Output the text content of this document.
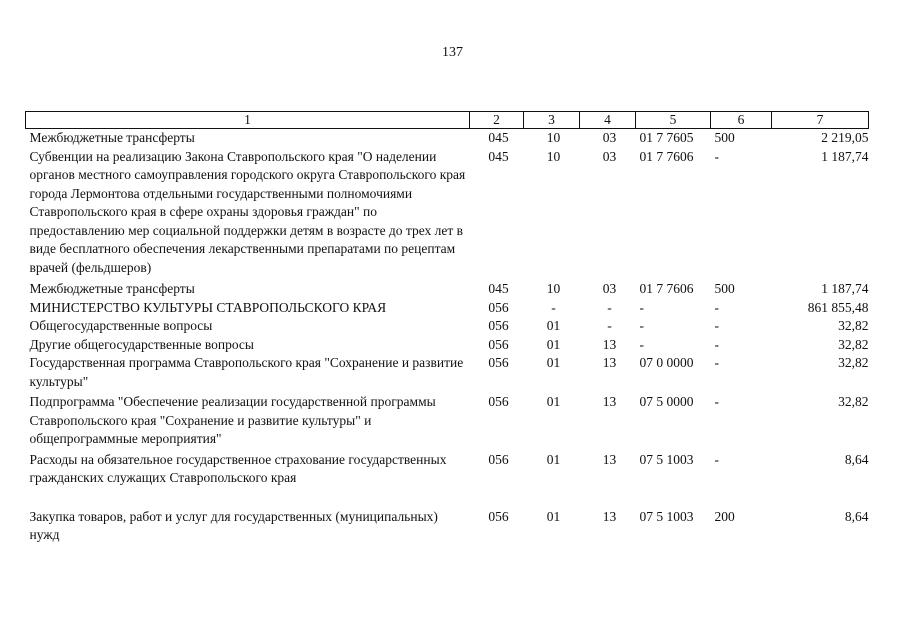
137
1	2	3	4	5	6	7
Межбюджетные трансферты	045	10	03	01 7 7605	500	2 219,05
Субвенции на реализацию Закона Ставропольского края "О наделении органов местного самоуправления городского округа Ставропольского края города Лермонтова отдельными государственными полномочиями Ставропольского края в сфере охраны здоровья граждан" по предоставлению мер социальной поддержки детям в возрасте до трех лет в виде бесплатного обеспечения лекарственными препаратами по рецептам врачей (фельдшеров)	045	10	03	01 7 7606	-	1 187,74
Межбюджетные трансферты	045	10	03	01 7 7606	500	1 187,74
МИНИСТЕРСТВО КУЛЬТУРЫ СТАВРОПОЛЬСКОГО КРАЯ	056	-	-	-	-	861 855,48
Общегосударственные вопросы	056	01	-	-	-	32,82
Другие общегосударственные вопросы	056	01	13	-	-	32,82
Государственная программа Ставропольского края "Сохранение и развитие культуры"	056	01	13	07 0 0000	-	32,82
Подпрограмма "Обеспечение реализации государственной программы Ставропольского края "Сохранение и развитие культуры" и общепрограммные мероприятия"	056	01	13	07 5 0000	-	32,82
Расходы на обязательное государственное страхование государственных гражданских служащих Ставропольского края	056	01	13	07 5 1003	-	8,64
Закупка товаров, работ и услуг для государственных (муниципальных) нужд	056	01	13	07 5 1003	200	8,64
